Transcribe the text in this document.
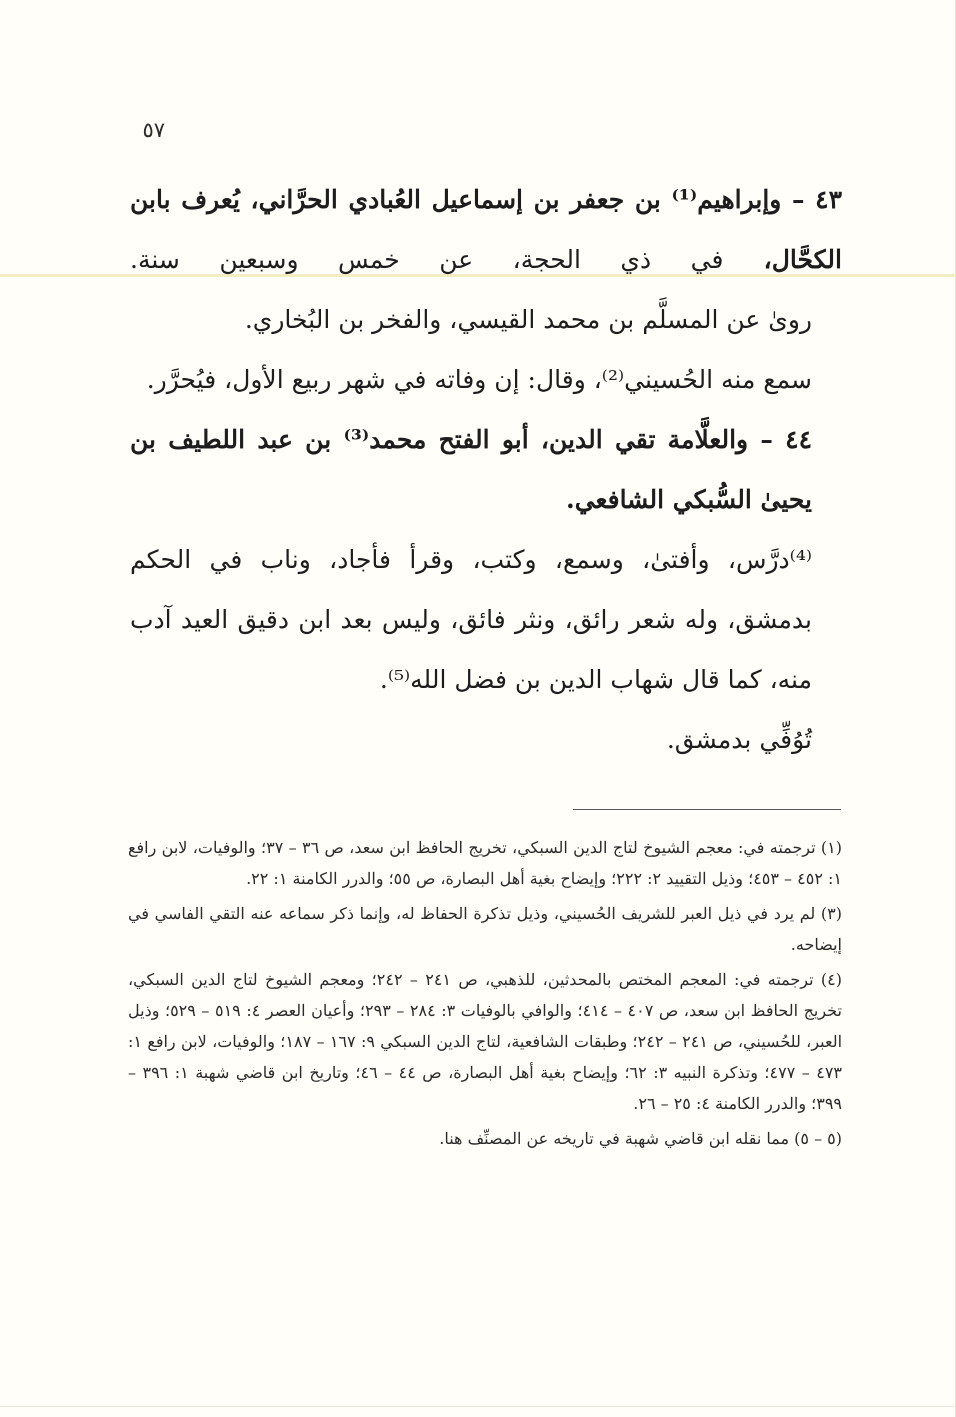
٥٧

٤٣ – وإبراهيم⁽¹⁾ بن جعفر بن إسماعيل العُبادي الحرَّاني، يُعرف بابن الكحَّال، في ذي الحجة، عن خمس وسبعين سنة.

روىٰ عن المسلَّم بن محمد القيسي، والفخر بن البُخاري.

سمع منه الحُسيني⁽²⁾، وقال: إن وفاته في شهر ربيع الأول، فيُحرَّر.

٤٤ – والعلَّامة تقي الدين، أبو الفتح محمد⁽³⁾ بن عبد اللطيف بن يحيىٰ السُّبكي الشافعي.

⁽⁴⁾درَّس، وأفتىٰ، وسمع، وكتب، وقرأ فأجاد، وناب في الحكم بدمشق، وله شعر رائق، ونثر فائق، وليس بعد ابن دقيق العيد آدب منه، كما قال شهاب الدين بن فضل الله⁽⁵⁾.

تُوُفِّي بدمشق.

(١) ترجمته في: معجم الشيوخ لتاج الدين السبكي، تخريج الحافظ ابن سعد، ص ٣٦ – ٣٧؛ والوفيات، لابن رافع ١: ٤٥٢ – ٤٥٣؛ وذيل التقييد ٢: ٢٢٢؛ وإيضاح بغية أهل البصارة، ص ٥٥؛ والدرر الكامنة ١: ٢٢.

(٣) لم يرد في ذيل العبر للشريف الحُسيني، وذيل تذكرة الحفاظ له، وإنما ذكر سماعه عنه التقي الفاسي في إيضاحه.

(٤) ترجمته في: المعجم المختص بالمحدثين، للذهبي، ص ٢٤١ – ٢٤٢؛ ومعجم الشيوخ لتاج الدين السبكي، تخريج الحافظ ابن سعد، ص ٤٠٧ – ٤١٤؛ والوافي بالوفيات ٣: ٢٨٤ – ٢٩٣؛ وأعيان العصر ٤: ٥١٩ – ٥٢٩؛ وذيل العبر، للحُسيني، ص ٢٤١ – ٢٤٢؛ وطبقات الشافعية، لتاج الدين السبكي ٩: ١٦٧ – ١٨٧؛ والوفيات، لابن رافع ١: ٤٧٣ – ٤٧٧؛ وتذكرة النبيه ٣: ٦٢؛ وإيضاح بغية أهل البصارة، ص ٤٤ – ٤٦؛ وتاريخ ابن قاضي شهبة ١: ٣٩٦ – ٣٩٩؛ والدرر الكامنة ٤: ٢٥ – ٢٦.

(٥ – ٥) مما نقله ابن قاضي شهبة في تاريخه عن المصنِّف هنا.
